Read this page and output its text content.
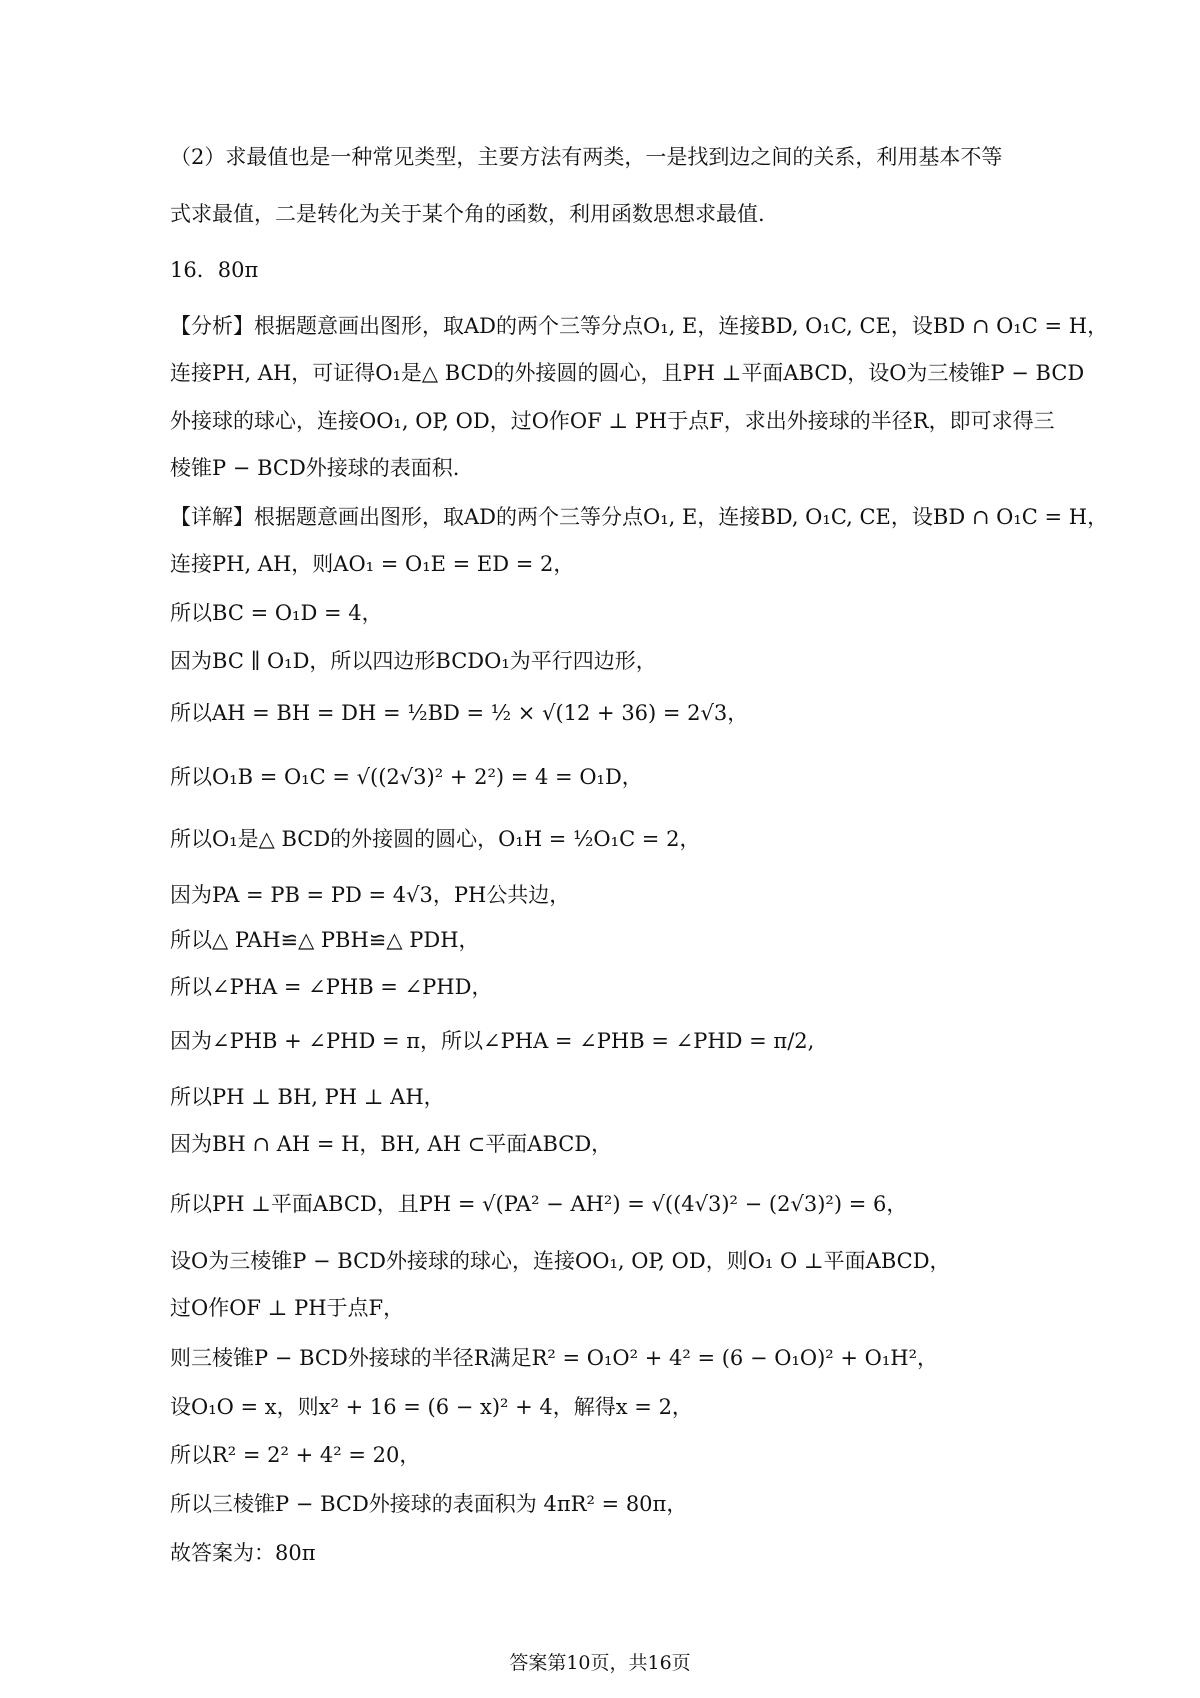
（2）求最值也是一种常见类型，主要方法有两类，一是找到边之间的关系，利用基本不等
式求最值，二是转化为关于某个角的函数，利用函数思想求最值.
16．80π
【分析】根据题意画出图形，取AD的两个三等分点O₁, E，连接BD, O₁C, CE，设BD ∩ O₁C = H，
连接PH, AH，可证得O₁是△ BCD的外接圆的圆心，且PH ⊥平面ABCD，设O为三棱锥P − BCD
外接球的球心，连接OO₁, OP, OD，过O作OF ⊥ PH于点F，求出外接球的半径R，即可求得三
棱锥P − BCD外接球的表面积.
【详解】根据题意画出图形，取AD的两个三等分点O₁, E，连接BD, O₁C, CE，设BD ∩ O₁C = H，
连接PH, AH，则AO₁ = O₁E = ED = 2，
所以BC = O₁D = 4，
因为BC ∥ O₁D，所以四边形BCDO₁为平行四边形，
所以AH = BH = DH = ½BD = ½ × √(12 + 36) = 2√3，
所以O₁B = O₁C = √((2√3)² + 2²) = 4 = O₁D，
所以O₁是△ BCD的外接圆的圆心，O₁H = ½O₁C = 2，
因为PA = PB = PD = 4√3，PH公共边，
所以△ PAH≌△ PBH≌△ PDH，
所以∠PHA = ∠PHB = ∠PHD，
因为∠PHB + ∠PHD = π，所以∠PHA = ∠PHB = ∠PHD = π/2,
所以PH ⊥ BH, PH ⊥ AH，
因为BH ∩ AH = H，BH, AH ⊂平面ABCD，
所以PH ⊥平面ABCD，且PH = √(PA² − AH²) = √((4√3)² − (2√3)²) = 6，
设O为三棱锥P − BCD外接球的球心，连接OO₁, OP, OD，则O₁ O ⊥平面ABCD，
过O作OF ⊥ PH于点F，
则三棱锥P − BCD外接球的半径R满足R² = O₁O² + 4² = (6 − O₁O)² + O₁H²，
设O₁O = x，则x² + 16 = (6 − x)² + 4，解得x = 2，
所以R² = 2² + 4² = 20，
所以三棱锥P − BCD外接球的表面积为 4πR² = 80π，
故答案为：80π
答案第10页，共16页
